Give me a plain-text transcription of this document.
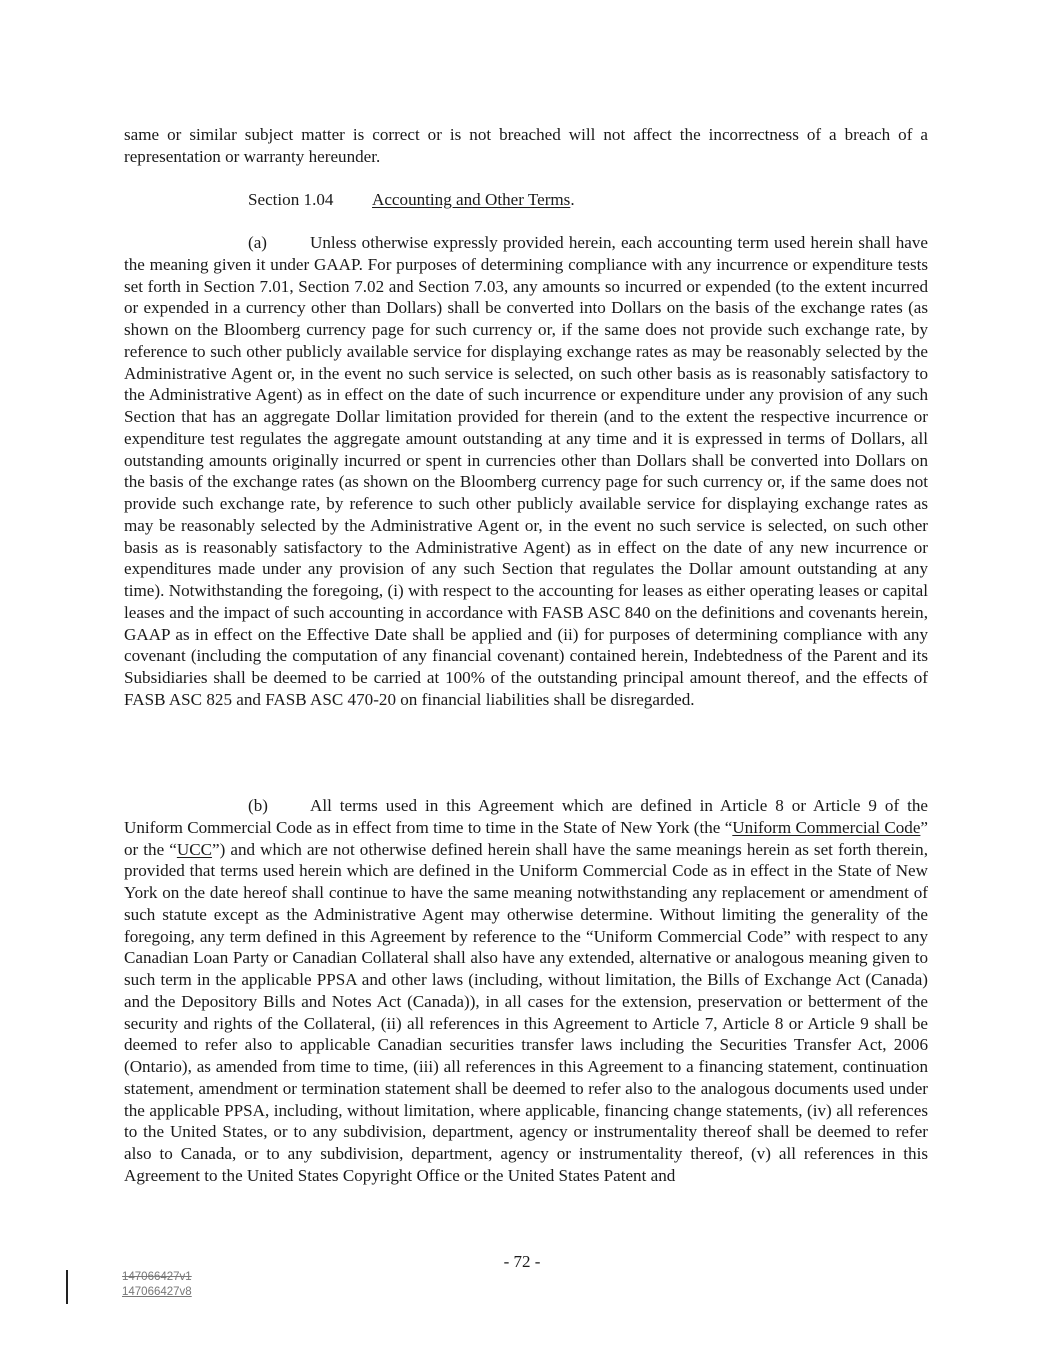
same or similar subject matter is correct or is not breached will not affect the incorrectness of a breach of a representation or warranty hereunder.

Section 1.04 Accounting and Other Terms.

(a)	Unless otherwise expressly provided herein, each accounting term used herein shall have the meaning given it under GAAP. For purposes of determining compliance with any incurrence or expenditure tests set forth in Section 7.01, Section 7.02 and Section 7.03, any amounts so incurred or expended (to the extent incurred or expended in a currency other than Dollars) shall be converted into Dollars on the basis of the exchange rates (as shown on the Bloomberg currency page for such currency or, if the same does not provide such exchange rate, by reference to such other publicly available service for displaying exchange rates as may be reasonably selected by the Administrative Agent or, in the event no such service is selected, on such other basis as is reasonably satisfactory to the Administrative Agent) as in effect on the date of such incurrence or expenditure under any provision of any such Section that has an aggregate Dollar limitation provided for therein (and to the extent the respective incurrence or expenditure test regulates the aggregate amount outstanding at any time and it is expressed in terms of Dollars, all outstanding amounts originally incurred or spent in currencies other than Dollars shall be converted into Dollars on the basis of the exchange rates (as shown on the Bloomberg currency page for such currency or, if the same does not provide such exchange rate, by reference to such other publicly available service for displaying exchange rates as may be reasonably selected by the Administrative Agent or, in the event no such service is selected, on such other basis as is reasonably satisfactory to the Administrative Agent) as in effect on the date of any new incurrence or expenditures made under any provision of any such Section that regulates the Dollar amount outstanding at any time). Notwithstanding the foregoing, (i) with respect to the accounting for leases as either operating leases or capital leases and the impact of such accounting in accordance with FASB ASC 840 on the definitions and covenants herein, GAAP as in effect on the Effective Date shall be applied and (ii) for purposes of determining compliance with any covenant (including the computation of any financial covenant) contained herein, Indebtedness of the Parent and its Subsidiaries shall be deemed to be carried at 100% of the outstanding principal amount thereof, and the effects of FASB ASC 825 and FASB ASC 470-20 on financial liabilities shall be disregarded.

(b) All terms used in this Agreement which are defined in Article 8 or Article 9 of the Uniform Commercial Code as in effect from time to time in the State of New York (the “Uniform Commercial Code” or the “UCC”) and which are not otherwise defined herein shall have the same meanings herein as set forth therein, provided that terms used herein which are defined in the Uniform Commercial Code as in effect in the State of New York on the date hereof shall continue to have the same meaning notwithstanding any replacement or amendment of such statute except as the Administrative Agent may otherwise determine. Without limiting the generality of the foregoing, any term defined in this Agreement by reference to the “Uniform Commercial Code” with respect to any Canadian Loan Party or Canadian Collateral shall also have any extended, alternative or analogous meaning given to such term in the applicable PPSA and other laws (including, without limitation, the Bills of Exchange Act (Canada) and the Depository Bills and Notes Act (Canada)), in all cases for the extension, preservation or betterment of the security and rights of the Collateral, (ii) all references in this Agreement to Article 7, Article 8 or Article 9 shall be deemed to refer also to applicable Canadian securities transfer laws including the Securities Transfer Act, 2006 (Ontario), as amended from time to time, (iii) all references in this Agreement to a financing statement, continuation statement, amendment or termination statement shall be deemed to refer also to the analogous documents used under the applicable PPSA, including, without limitation, where applicable, financing change statements, (iv) all references to the United States, or to any subdivision, department, agency or instrumentality thereof shall be deemed to refer also to Canada, or to any subdivision, department, agency or instrumentality thereof, (v) all references in this Agreement to the United States Copyright Office or the United States Patent and

- 72 -
147066427v1
147066427v8
